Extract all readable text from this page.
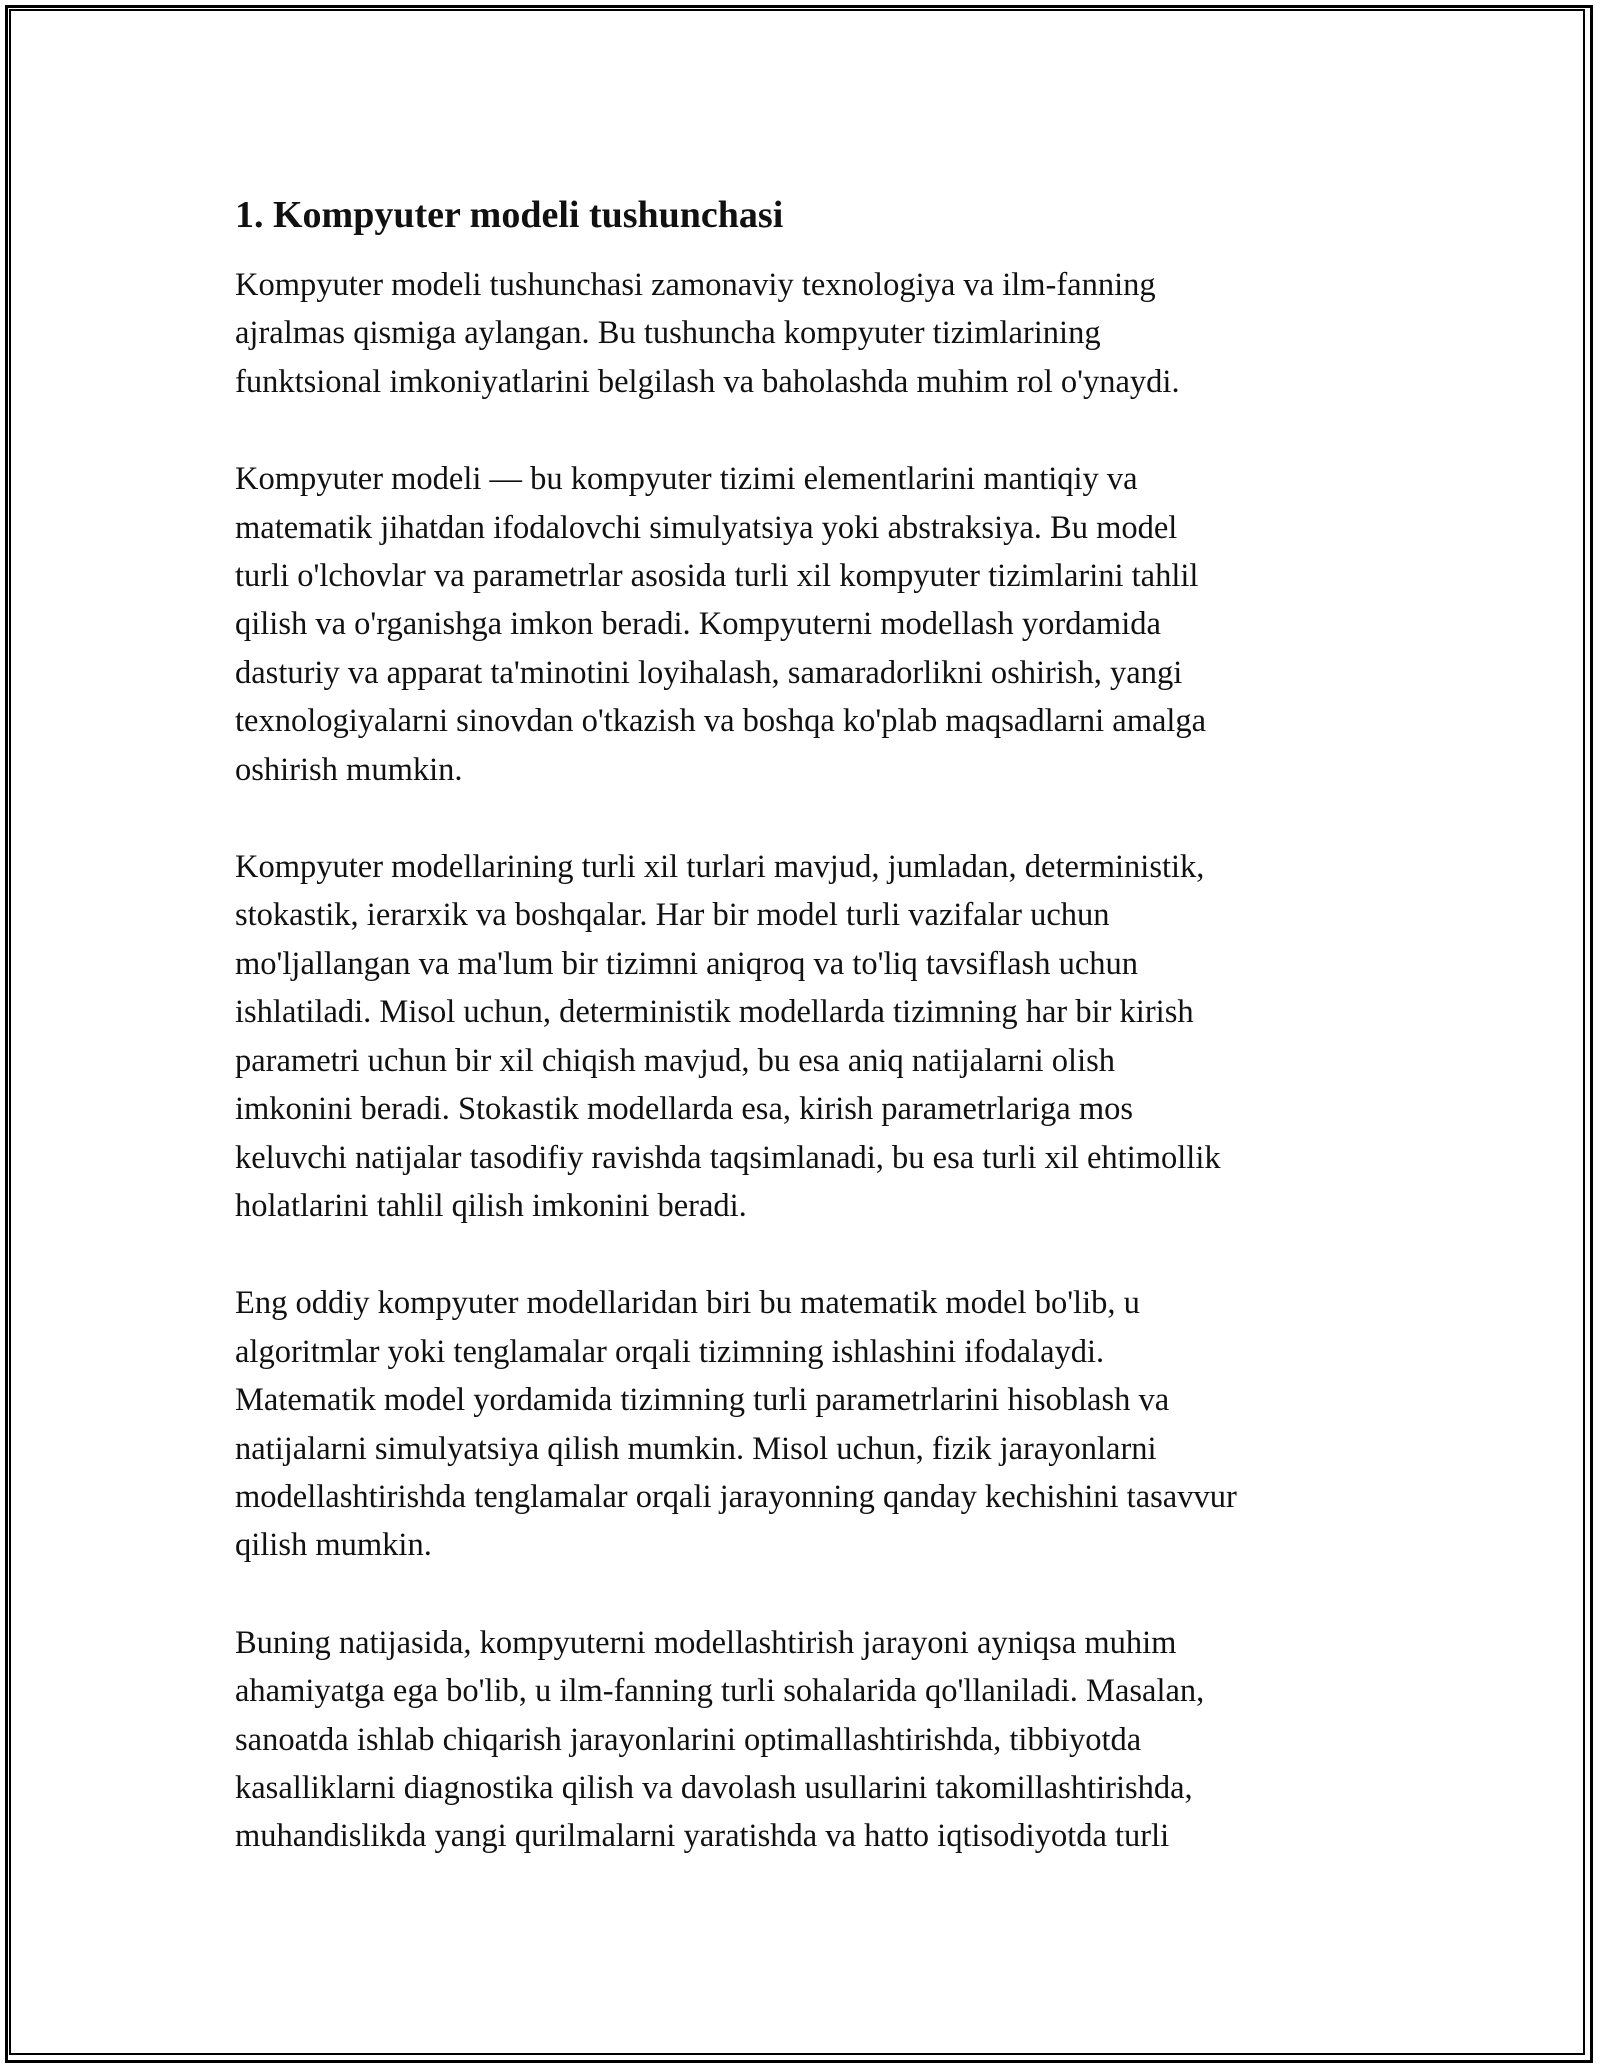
1. Kompyuter modeli tushunchasi

Kompyuter modeli tushunchasi zamonaviy texnologiya va ilm-fanning
ajralmas qismiga aylangan. Bu tushuncha kompyuter tizimlarining
funktsional imkoniyatlarini belgilash va baholashda muhim rol o'ynaydi.

Kompyuter modeli — bu kompyuter tizimi elementlarini mantiqiy va
matematik jihatdan ifodalovchi simulyatsiya yoki abstraksiya. Bu model
turli o'lchovlar va parametrlar asosida turli xil kompyuter tizimlarini tahlil
qilish va o'rganishga imkon beradi. Kompyuterni modellash yordamida
dasturiy va apparat ta'minotini loyihalash, samaradorlikni oshirish, yangi
texnologiyalarni sinovdan o'tkazish va boshqa ko'plab maqsadlarni amalga
oshirish mumkin.

Kompyuter modellarining turli xil turlari mavjud, jumladan, deterministik,
stokastik, ierarxik va boshqalar. Har bir model turli vazifalar uchun
mo'ljallangan va ma'lum bir tizimni aniqroq va to'liq tavsiflash uchun
ishlatiladi. Misol uchun, deterministik modellarda tizimning har bir kirish
parametri uchun bir xil chiqish mavjud, bu esa aniq natijalarni olish
imkonini beradi. Stokastik modellarda esa, kirish parametrlariga mos
keluvchi natijalar tasodifiy ravishda taqsimlanadi, bu esa turli xil ehtimollik
holatlarini tahlil qilish imkonini beradi.

Eng oddiy kompyuter modellaridan biri bu matematik model bo'lib, u
algoritmlar yoki tenglamalar orqali tizimning ishlashini ifodalaydi.
Matematik model yordamida tizimning turli parametrlarini hisoblash va
natijalarni simulyatsiya qilish mumkin. Misol uchun, fizik jarayonlarni
modellashtirishda tenglamalar orqali jarayonning qanday kechishini tasavvur
qilish mumkin.

Buning natijasida, kompyuterni modellashtirish jarayoni ayniqsa muhim
ahamiyatga ega bo'lib, u ilm-fanning turli sohalarida qo'llaniladi. Masalan,
sanoatda ishlab chiqarish jarayonlarini optimallashtirishda, tibbiyotda
kasalliklarni diagnostika qilish va davolash usullarini takomillashtirishda,
muhandislikda yangi qurilmalarni yaratishda va hatto iqtisodiyotda turli
